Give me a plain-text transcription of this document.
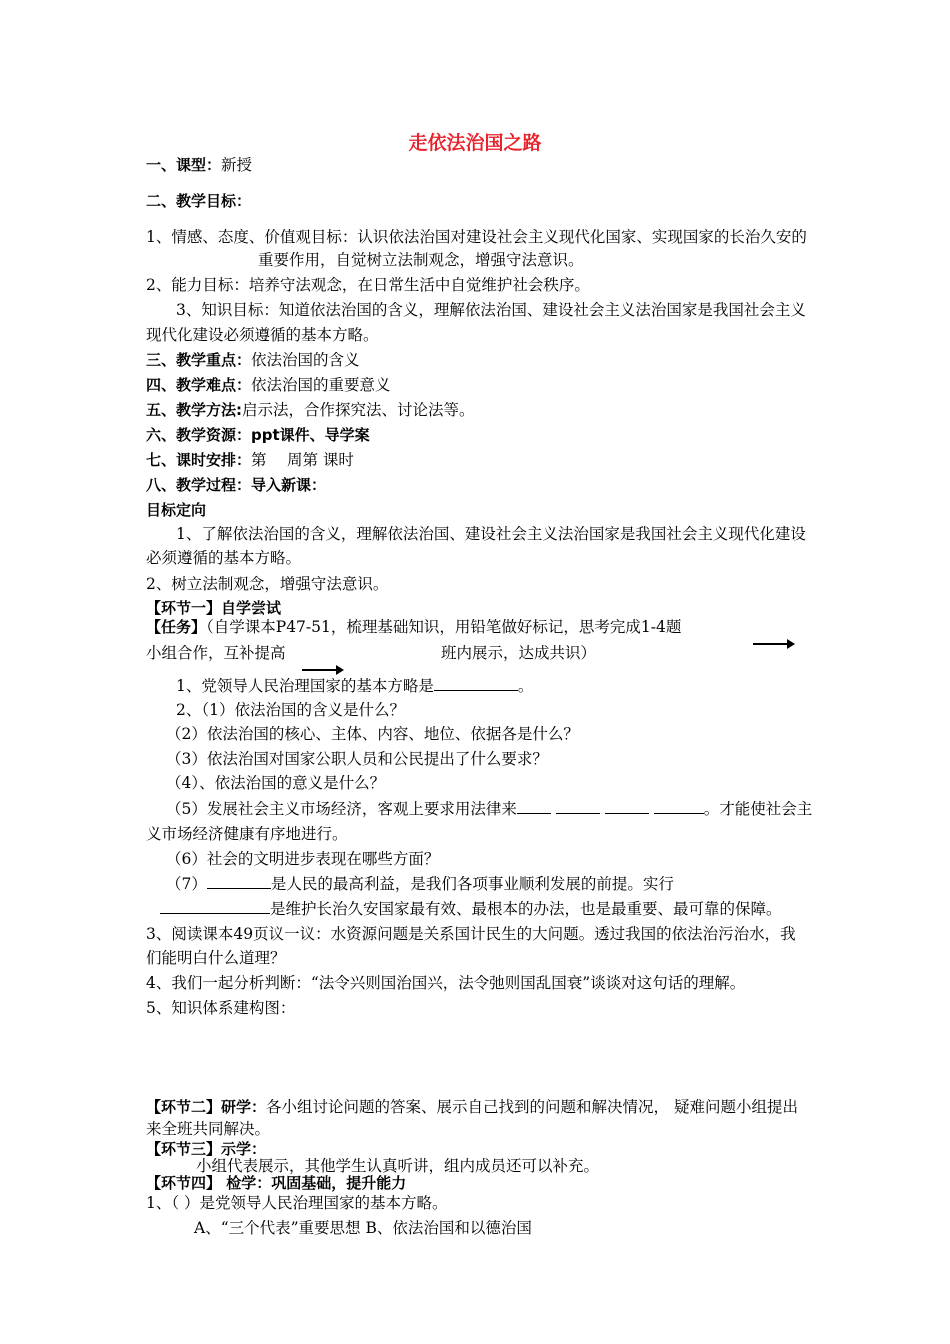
走依法治国之路
一、课型：新授
二、教学目标：
1、情感、态度、价值观目标：认识依法治国对建设社会主义现代化国家、实现国家的长治久安的
重要作用，自觉树立法制观念，增强守法意识。
2、能力目标：培养守法观念，在日常生活中自觉维护社会秩序。
3、知识目标：知道依法治国的含义，理解依法治国、建设社会主义法治国家是我国社会主义
现代化建设必须遵循的基本方略。
三、教学重点：依法治国的含义
四、教学难点：依法治国的重要意义
五、教学方法:启示法，合作探究法、讨论法等。
六、教学资源：ppt课件、导学案
七、课时安排：第　 周第 课时
八、教学过程：导入新课：
目标定向
1、了解依法治国的含义，理解依法治国、建设社会主义法治国家是我国社会主义现代化建设
必须遵循的基本方略。
2、树立法制观念，增强守法意识。
【环节一】自学尝试
【任务】（自学课本P47-51，梳理基础知识，用铅笔做好标记，思考完成1-4题
小组合作，互补提高	班内展示，达成共识）
1、党领导人民治理国家的基本方略是	。
2、（1）依法治国的含义是什么？
（2）依法治国的核心、主体、内容、地位、依据各是什么？
（3）依法治国对国家公职人员和公民提出了什么要求？
（4）、依法治国的意义是什么？
（5）发展社会主义市场经济，客观上要求用法律来	。才能使社会主
义市场经济健康有序地进行。
（6）社会的文明进步表现在哪些方面？
（7）	是人民的最高利益，是我们各项事业顺利发展的前提。实行
是维护长治久安国家最有效、最根本的办法，也是最重要、最可靠的保障。
3、阅读课本49页议一议：水资源问题是关系国计民生的大问题。透过我国的依法治污治水，我
们能明白什么道理？
4、我们一起分析判断：“法令兴则国治国兴，法令弛则国乱国衰”谈谈对这句话的理解。
5、知识体系建构图：
【环节二】研学：各小组讨论问题的答案、展示自己找到的问题和解决情况， 疑难问题小组提出
来全班共同解决。
【环节三】示学：
小组代表展示，其他学生认真听讲，组内成员还可以补充。
【环节四】 检学：巩固基础，提升能力
1、（ ）是党领导人民治理国家的基本方略。
A、“三个代表”重要思想 B、依法治国和以德治国
